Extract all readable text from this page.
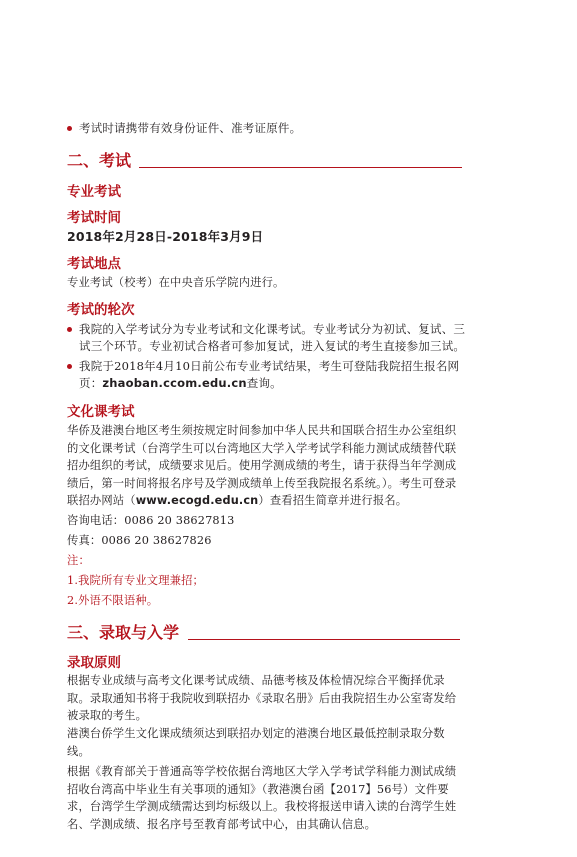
考试时请携带有效身份证件、准考证原件。
二、考试
专业考试
考试时间
2018年2月28日-2018年3月9日
考试地点
专业考试（校考）在中央音乐学院内进行。
考试的轮次
我院的入学考试分为专业考试和文化课考试。专业考试分为初试、复试、三试三个环节。专业初试合格者可参加复试，进入复试的考生直接参加三试。
我院于2018年4月10日前公布专业考试结果，考生可登陆我院招生报名网页：zhaoban.ccom.edu.cn查询。
文化课考试
华侨及港澳台地区考生须按规定时间参加中华人民共和国联合招生办公室组织的文化课考试（台湾学生可以台湾地区大学入学考试学科能力测试成绩替代联招办组织的考试，成绩要求见后。使用学测成绩的考生，请于获得当年学测成绩后，第一时间将报名序号及学测成绩单上传至我院报名系统。）。考生可登录联招办网站（www.ecogd.edu.cn）查看招生简章并进行报名。
咨询电话：0086 20 38627813
传真：0086 20 38627826
注：
1.我院所有专业文理兼招；
2.外语不限语种。
三、录取与入学
录取原则
根据专业成绩与高考文化课考试成绩、品德考核及体检情况综合平衡择优录取。录取通知书将于我院收到联招办《录取名册》后由我院招生办公室寄发给被录取的考生。
港澳台侨学生文化课成绩须达到联招办划定的港澳台地区最低控制录取分数线。
根据《教育部关于普通高等学校依据台湾地区大学入学考试学科能力测试成绩招收台湾高中毕业生有关事项的通知》（教港澳台函【2017】56号）文件要求，台湾学生学测成绩需达到均标级以上。我校将报送申请入读的台湾学生姓名、学测成绩、报名序号至教育部考试中心，由其确认信息。
